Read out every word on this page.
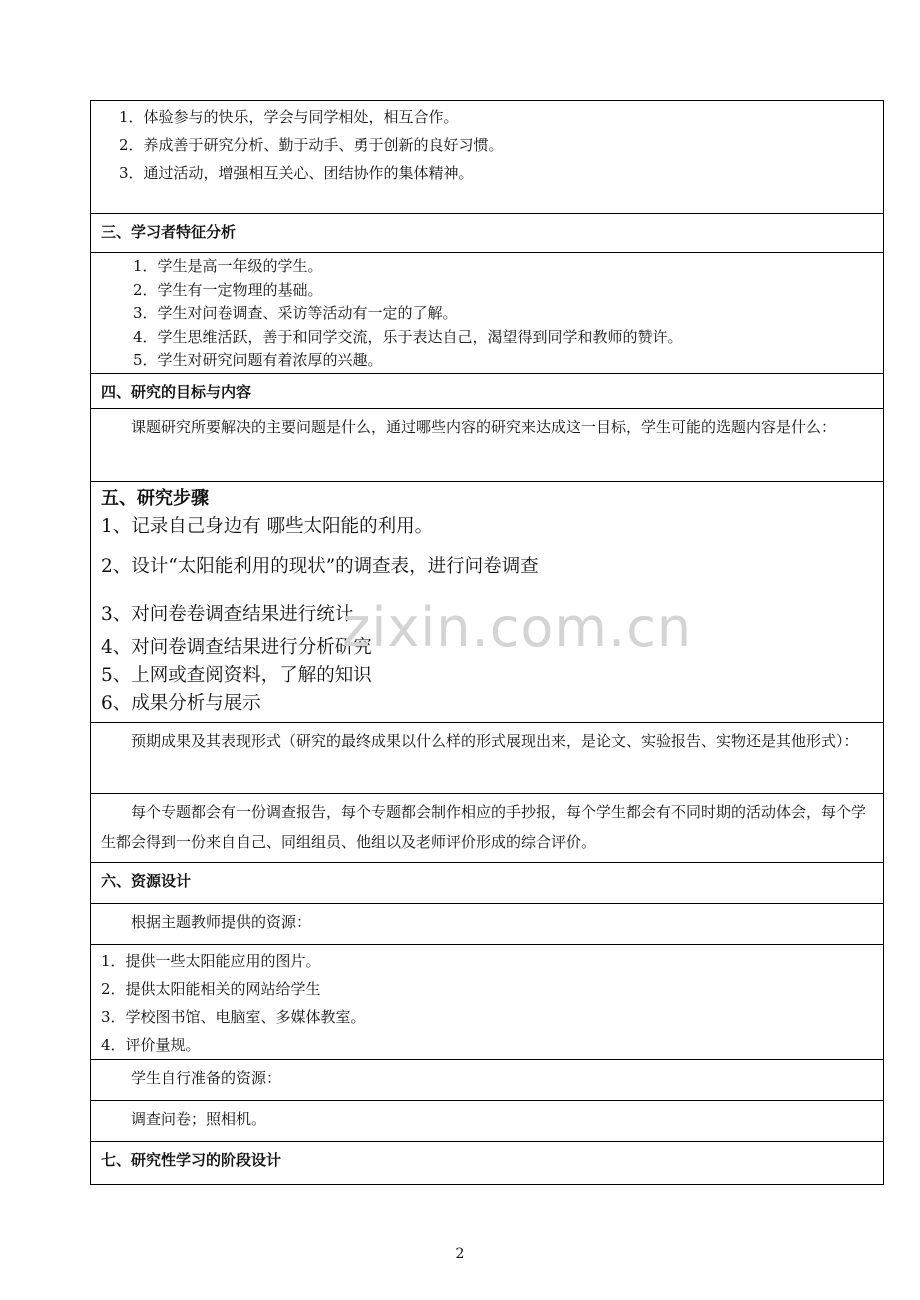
1．体验参与的快乐，学会与同学相处，相互合作。
2．养成善于研究分析、勤于动手、勇于创新的良好习惯。
3．通过活动，增强相互关心、团结协作的集体精神。

三、学习者特征分析

1．学生是高一年级的学生。
2．学生有一定物理的基础。
3．学生对问卷调查、采访等活动有一定的了解。
4．学生思维活跃，善于和同学交流，乐于表达自己，渴望得到同学和教师的赞许。
5．学生对研究问题有着浓厚的兴趣。

四、研究的目标与内容

课题研究所要解决的主要问题是什么，通过哪些内容的研究来达成这一目标，学生可能的选题内容是什么：

五、研究步骤
1、记录自己身边有 哪些太阳能的利用。
2、设计“太阳能利用的现状”的调查表，进行问卷调查
3、对问卷卷调查结果进行统计
4、对问卷调查结果进行分析研究
5、上网或查阅资料，了解的知识
6、成果分析与展示

预期成果及其表现形式（研究的最终成果以什么样的形式展现出来，是论文、实验报告、实物还是其他形式）：

每个专题都会有一份调查报告，每个专题都会制作相应的手抄报，每个学生都会有不同时期的活动体会，每个学生都会得到一份来自自己、同组组员、他组以及老师评价形成的综合评价。

六、资源设计

根据主题教师提供的资源：

1．提供一些太阳能应用的图片。
2．提供太阳能相关的网站给学生
3．学校图书馆、电脑室、多媒体教室。
4．评价量规。

学生自行准备的资源：

调查问卷；照相机。

七、研究性学习的阶段设计
zixin.com.cn
2
